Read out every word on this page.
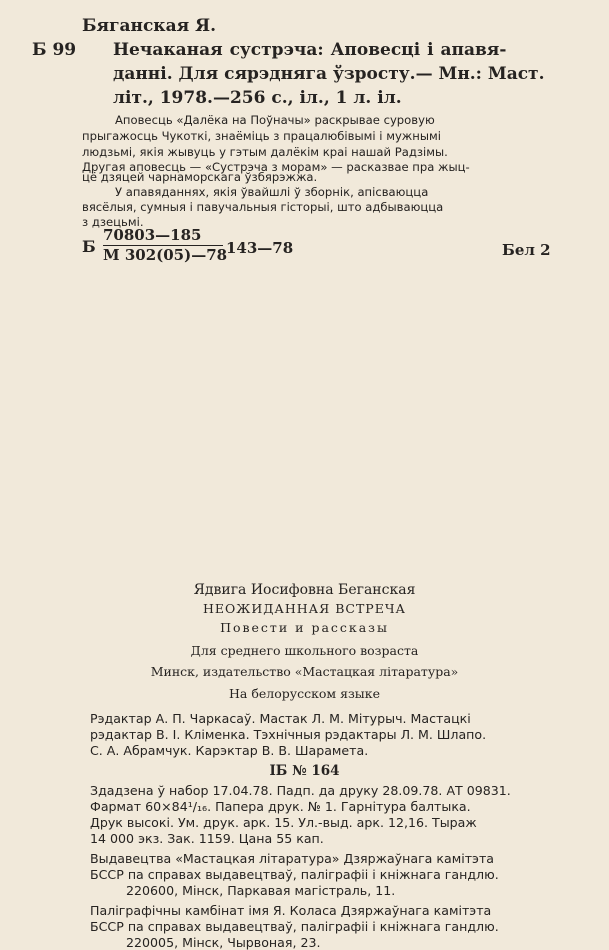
Бяганская Я.
Б 99 Нечаканая сустрэча: Аповесці і апавя-
данні. Для сярэдняга ўзросту.— Мн.: Маст.
літ., 1978.—256 с., іл., 1 л. іл.
Аповесць «Далёка на Поўначы» раскрывае суровую
прыгажосць Чукоткі, знаёміць з працалюбівымі і мужнымі
людзьмі, якія жывуць у гэтым далёкім краі нашай Радзімы.
Другая аповесць — «Сустрэча з морам» — расказвае пра жыц-
цё дзяцей чарнаморскага ўзбярэжжа.
У апавяданнях, якія ўвайшлі ў зборнік, апісваюцца
вясёлыя, сумныя і павучальныя гісторыі, што адбываюцца
з дзецьмі.
Б
70803—185
М 302(05)—78
143—78	Бел 2
Ядвига Иосифовна Беганская
НЕОЖИДАННАЯ ВСТРЕЧА
Повести и рассказы
Для среднего школьного возраста
Минск, издательство «Мастацкая літаратура»
На белорусском языке
Рэдактар А. П. Чаркасаў. Мастак Л. М. Мітурыч. Мастацкі
рэдактар В. І. Кліменка. Тэхнічныя рэдактары Л. М. Шлапо.
С. А. Абрамчук. Карэктар В. В. Шарамета.
ІБ № 164
Здадзена ў набор 17.04.78. Падп. да друку 28.09.78. АТ 09831.
Фармат 60×84¹/₁₆. Папера друк. № 1. Гарнітура балтыка.
Друк высокі. Ум. друк. арк. 15. Ул.-выд. арк. 12,16. Тыраж
14 000 экз. Зак. 1159. Цана 55 кап.
Выдавецтва «Мастацкая літаратура» Дзяржаўнага камітэта
БССР па справах выдавецтваў, паліграфіі і кніжнага гандлю.
220600, Мінск, Паркавая магістраль, 11.
Паліграфічны камбінат імя Я. Коласа Дзяржаўнага камітэта
БССР па справах выдавецтваў, паліграфіі і кніжнага гандлю.
220005, Мінск, Чырвоная, 23.
